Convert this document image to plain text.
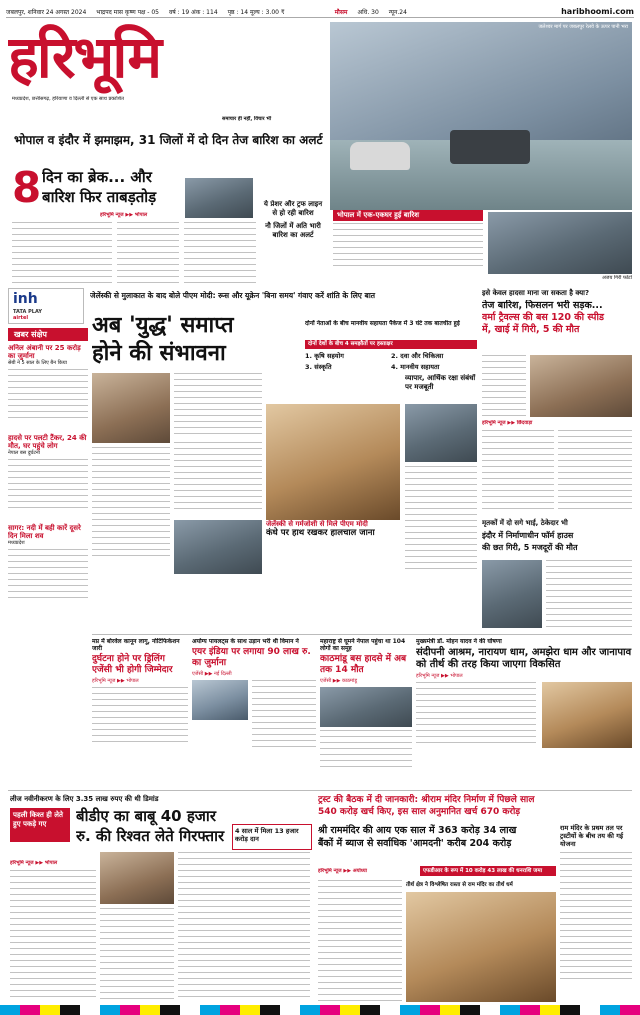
जबलपुर, शनिवार 24 अगस्त 2024 भाद्रपद मास कृष्ण पक्ष - 05 वर्ष : 19 अंक : 114 पृष्ठ : 14 मूल्य : 3.00 ₹	मौसम अधि. 30 न्यून.24	haribhoomi.com
हरिभूमि
मध्यप्रदेश, छत्तीसगढ़, हरियाणा व दिल्ली से एक साथ प्रकाशित
समाचार ही नहीं, विचार भी
भोपाल व इंदौर में झमाझम, 31 जिलों में दो दिन तेज बारिश का अलर्ट
8 दिन का ब्रेक... और
बारिश फिर ताबड़तोड़
हरिभूमि न्यूज ▶▶ भोपाल
ये प्रेशर और ट्रफ लाइन से हो रही बारिश
नौ जिलों में अति भारी बारिश का अलर्ट
जलेश्वर मार्ग पर जबलपुर रेलवे के ऊपर पानी भरा
भोपाल में एक-एकघर हुई बारिश
अजय गिरी फोटो
inh
TATA PLAY
airtel
जेलेंस्की से मुलाकात के बाद बोले पीएम मोदी: रूस और यूक्रेन 'बिना समय' गंवाए करें शांति के लिए बात
अब 'युद्ध' समाप्त
होने की संभावना
दोनों नेताओं के बीच मानवीय सहायता पैकेज में 3 घंटे तक बातचीत हुई
दोनों देशों के बीच 4 समझौतों पर हस्ताक्षर
1. कृषि सहयोग	2. दवा और चिकित्सा
3. संस्कृति	4. मानवीय सहायता
जेलेंस्की से गर्मजोशी से मिले पीएम मोदी
कंधे पर हाथ रखकर हालचाल जाना
व्यापार, आर्थिक रक्षा संबंधों पर मजबूती
खबर संक्षेप
अनिल अंबानी पर 25 करोड़ का जुर्माना
सेबी ने 5 साल के लिए बैन किया
हादसे पर पलटी टैंकर, 24 की मौत, घर पहुंचे लोग
नेपाल बस दुर्घटना
सागर: नदी में बही कारें दूसरे दिन मिला शव
मध्यप्रदेश
इसे केवल हादसा माना जा सकता है क्या?
तेज बारिश, फिसलन भरी सड़क...
वर्मा ट्रैवल्स की बस 120 की स्पीड
में, खाई में गिरी, 5 की मौत
हरिभूमि न्यूज ▶▶ छिंदवाड़ा
मृतकों में दो सगे भाई, ठेकेदार भी
इंदौर में निर्माणाधीन फॉर्म हाउस
की छत गिरी, 5 मजदूरों की मौत
मप्र में बोरवेल कानून लागू, नोटिफिकेशन जारी
दुर्घटना होने पर ड्रिलिंग एजेंसी भी होगी जिम्मेदार
हरिभूमि न्यूज ▶▶ भोपाल
अयोग्य पायलट्स के साथ उड़ान भरी थी विमान ने
एयर इंडिया पर लगाया 90 लाख रु. का जुर्माना
एजेंसी ▶▶ नई दिल्ली
महाराष्ट्र से घूमने नेपाल पहुंचा था 104 लोगों का समूह
काठमांडू बस हादसे में अब तक 14 मौत
एजेंसी ▶▶ काठमांडू
मुख्यमंत्री डॉ. मोहन यादव ने की घोषणा
संदीपनी आश्रम, नारायण धाम, अमझेरा धाम और जानापाव को तीर्थ की तरह किया जाएगा विकसित
हरिभूमि न्यूज ▶▶ भोपाल
लीज नवीनीकरण के लिए 3.35 लाख रुपए की थी डिमांड
पहली किश्त ही लेते हुए पकड़े गए	बीडीए का बाबू 40 हजार
रु. की रिश्वत लेते गिरफ्तार
हरिभूमि न्यूज ▶▶ भोपाल
ट्रस्ट की बैठक में दी जानकारी: श्रीराम मंदिर निर्माण में पिछले साल
540 करोड़ खर्च किए, इस साल अनुमानित खर्च 670 करोड़
4 साल में मिला 13 हजार करोड़ दान
श्री राममंदिर की आय एक साल में 363 करोड़ 34 लाख
बैंकों में ब्याज से सर्वाधिक 'आमदनी' करीब 204 करोड़
हरिभूमि न्यूज ▶▶ अयोध्या	एफडीआर के रूप में 10 करोड़ 43 लाख की धनराशि जमा
तीर्थ क्षेत्र ने विश्लेषित रास्ता से राम मंदिर का तीर्थ धर्म
राम मंदिर के प्रथम तल पर ट्रस्टीयों के बीच तय की गई योजना
